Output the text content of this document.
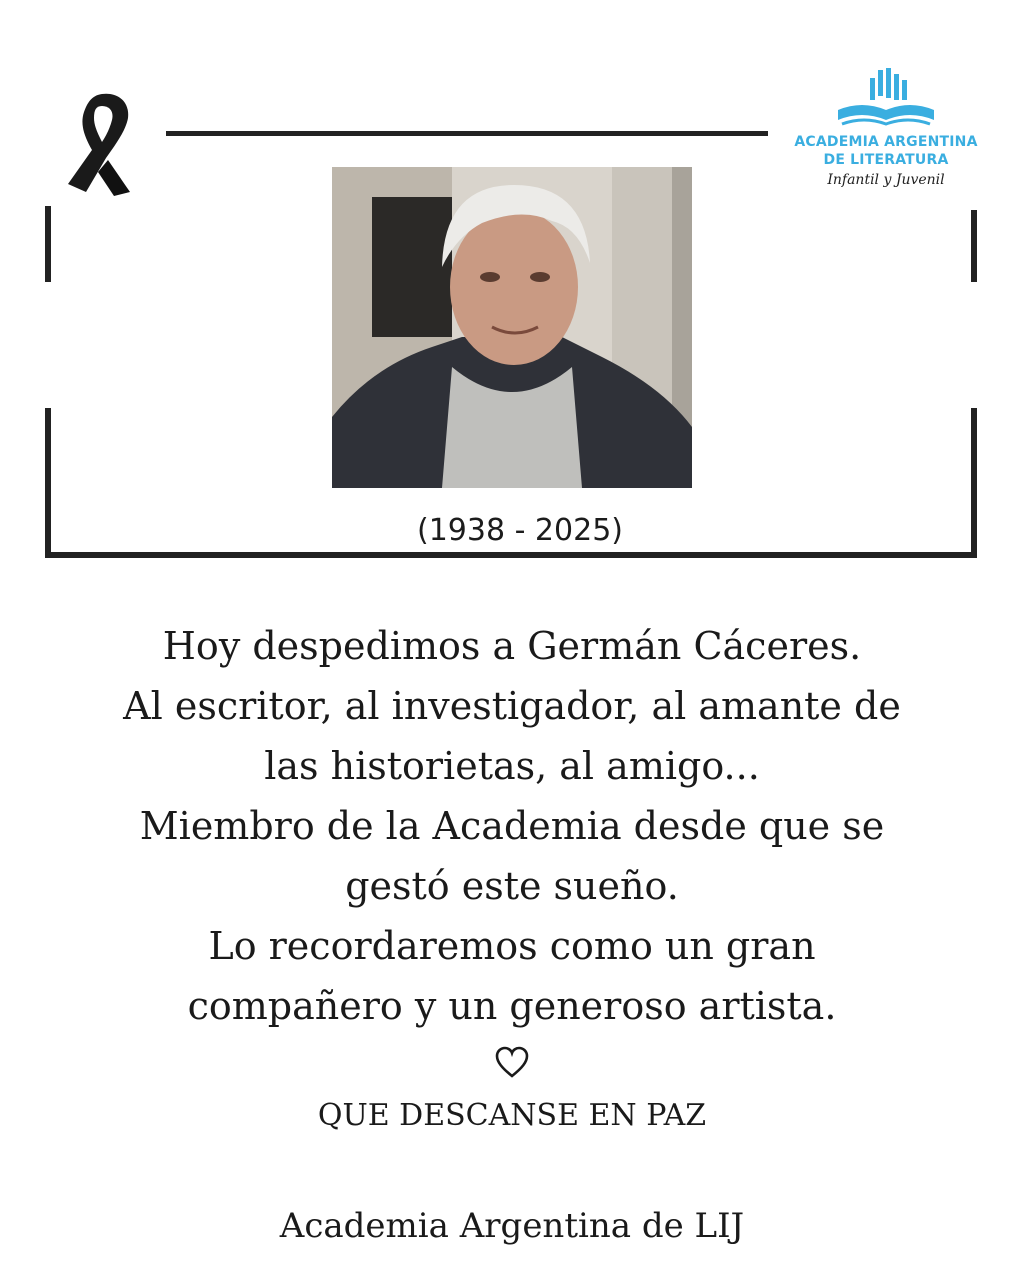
ACADEMIA ARGENTINA
DE LITERATURA
Infantil y Juvenil
(1938 - 2025)
Hoy despedimos a Germán Cáceres.
Al escritor, al investigador, al amante de
las historietas, al amigo...
Miembro de la Academia desde que se
gestó este sueño.
Lo recordaremos como un gran
compañero y un generoso artista.
QUE DESCANSE EN PAZ
Academia Argentina de LIJ
